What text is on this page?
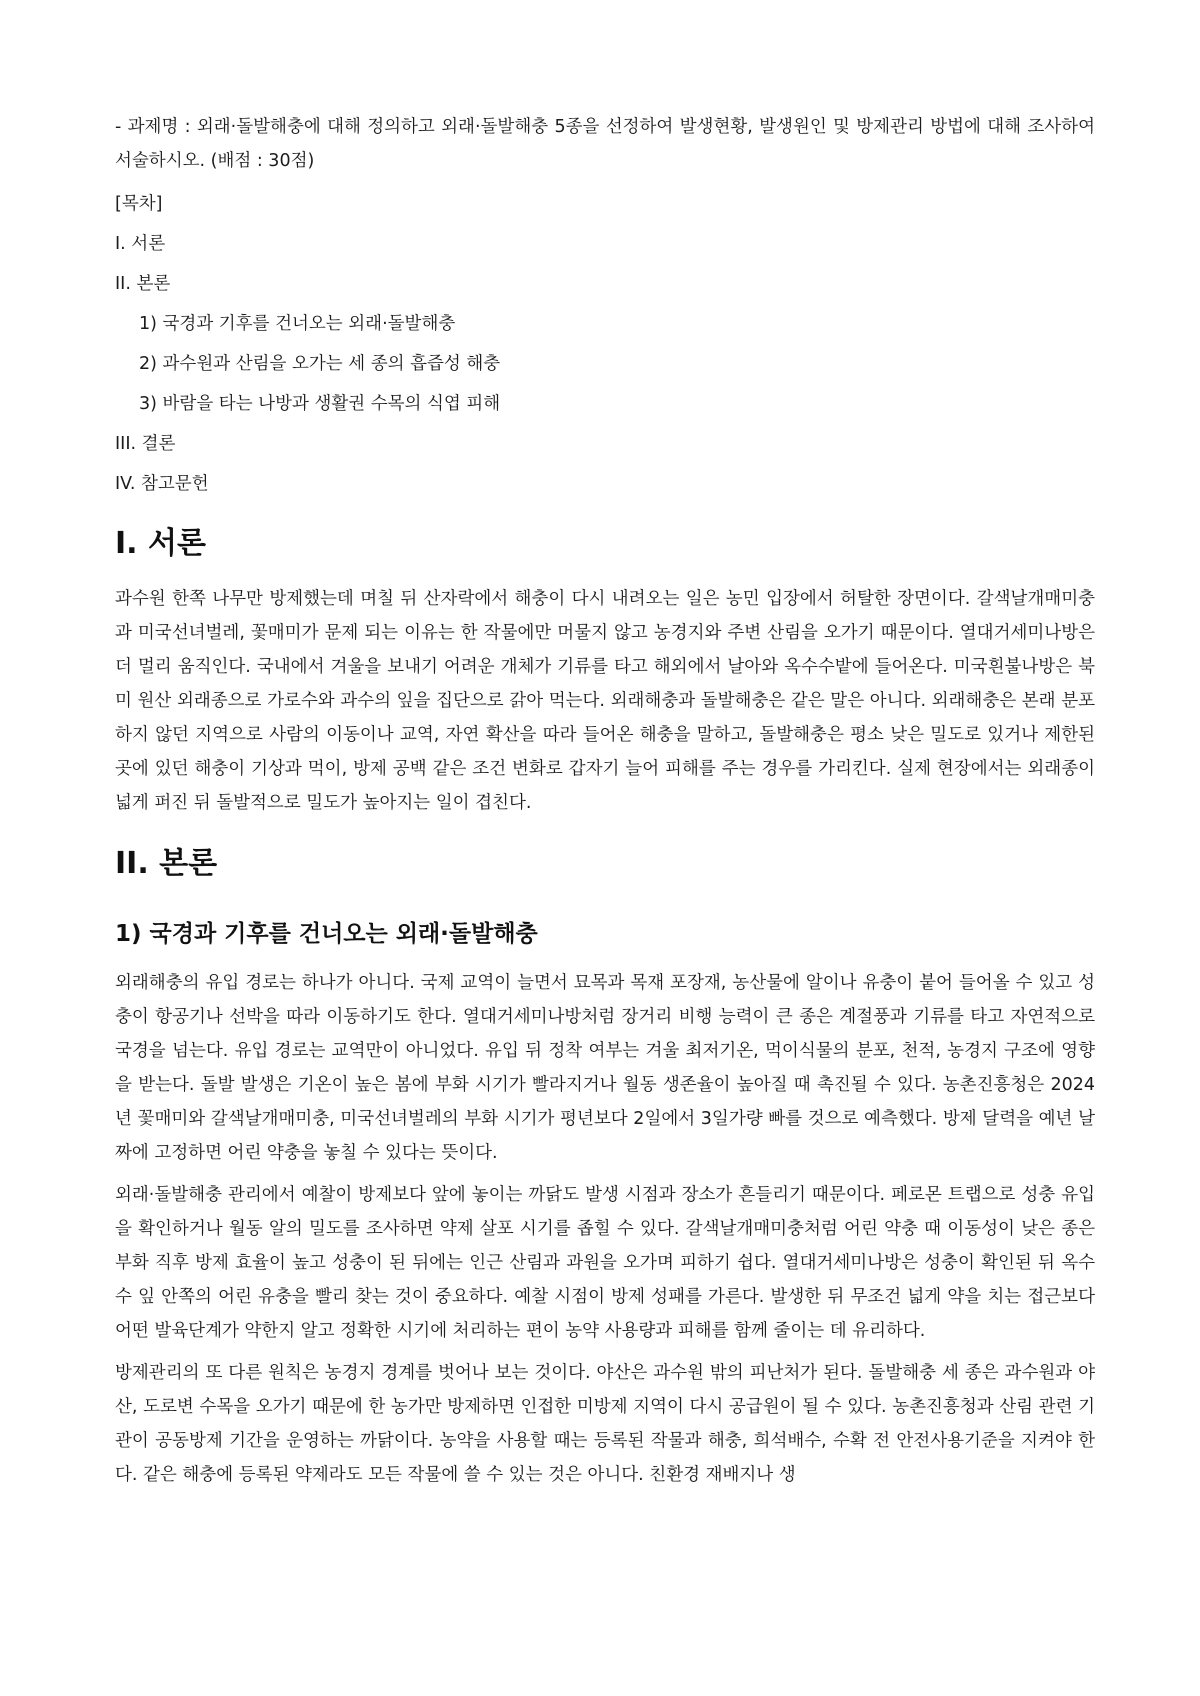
- 과제명 : 외래·돌발해충에 대해 정의하고 외래·돌발해충 5종을 선정하여 발생현황, 발생원인 및 방제관리 방법에 대해 조사하여 서술하시오. (배점 : 30점)

[목차]

I. 서론

II. 본론

1) 국경과 기후를 건너오는 외래·돌발해충

2) 과수원과 산림을 오가는 세 종의 흡즙성 해충

3) 바람을 타는 나방과 생활권 수목의 식엽 피해

III. 결론

IV. 참고문헌

I. 서론

과수원 한쪽 나무만 방제했는데 며칠 뒤 산자락에서 해충이 다시 내려오는 일은 농민 입장에서 허탈한 장면이다. 갈색날개매미충과 미국선녀벌레, 꽃매미가 문제 되는 이유는 한 작물에만 머물지 않고 농경지와 주변 산림을 오가기 때문이다. 열대거세미나방은 더 멀리 움직인다. 국내에서 겨울을 보내기 어려운 개체가 기류를 타고 해외에서 날아와 옥수수밭에 들어온다. 미국흰불나방은 북미 원산 외래종으로 가로수와 과수의 잎을 집단으로 갉아 먹는다. 외래해충과 돌발해충은 같은 말은 아니다. 외래해충은 본래 분포하지 않던 지역으로 사람의 이동이나 교역, 자연 확산을 따라 들어온 해충을 말하고, 돌발해충은 평소 낮은 밀도로 있거나 제한된 곳에 있던 해충이 기상과 먹이, 방제 공백 같은 조건 변화로 갑자기 늘어 피해를 주는 경우를 가리킨다. 실제 현장에서는 외래종이 넓게 퍼진 뒤 돌발적으로 밀도가 높아지는 일이 겹친다.

II. 본론
1) 국경과 기후를 건너오는 외래·돌발해충

외래해충의 유입 경로는 하나가 아니다. 국제 교역이 늘면서 묘목과 목재 포장재, 농산물에 알이나 유충이 붙어 들어올 수 있고 성충이 항공기나 선박을 따라 이동하기도 한다. 열대거세미나방처럼 장거리 비행 능력이 큰 종은 계절풍과 기류를 타고 자연적으로 국경을 넘는다. 유입 경로는 교역만이 아니었다. 유입 뒤 정착 여부는 겨울 최저기온, 먹이식물의 분포, 천적, 농경지 구조에 영향을 받는다. 돌발 발생은 기온이 높은 봄에 부화 시기가 빨라지거나 월동 생존율이 높아질 때 촉진될 수 있다. 농촌진흥청은 2024년 꽃매미와 갈색날개매미충, 미국선녀벌레의 부화 시기가 평년보다 2일에서 3일가량 빠를 것으로 예측했다. 방제 달력을 예년 날짜에 고정하면 어린 약충을 놓칠 수 있다는 뜻이다.

외래·돌발해충 관리에서 예찰이 방제보다 앞에 놓이는 까닭도 발생 시점과 장소가 흔들리기 때문이다. 페로몬 트랩으로 성충 유입을 확인하거나 월동 알의 밀도를 조사하면 약제 살포 시기를 좁힐 수 있다. 갈색날개매미충처럼 어린 약충 때 이동성이 낮은 종은 부화 직후 방제 효율이 높고 성충이 된 뒤에는 인근 산림과 과원을 오가며 피하기 쉽다. 열대거세미나방은 성충이 확인된 뒤 옥수수 잎 안쪽의 어린 유충을 빨리 찾는 것이 중요하다. 예찰 시점이 방제 성패를 가른다. 발생한 뒤 무조건 넓게 약을 치는 접근보다 어떤 발육단계가 약한지 알고 정확한 시기에 처리하는 편이 농약 사용량과 피해를 함께 줄이는 데 유리하다.

방제관리의 또 다른 원칙은 농경지 경계를 벗어나 보는 것이다. 야산은 과수원 밖의 피난처가 된다. 돌발해충 세 종은 과수원과 야산, 도로변 수목을 오가기 때문에 한 농가만 방제하면 인접한 미방제 지역이 다시 공급원이 될 수 있다. 농촌진흥청과 산림 관련 기관이 공동방제 기간을 운영하는 까닭이다. 농약을 사용할 때는 등록된 작물과 해충, 희석배수, 수확 전 안전사용기준을 지켜야 한다. 같은 해충에 등록된 약제라도 모든 작물에 쓸 수 있는 것은 아니다. 친환경 재배지나 생
